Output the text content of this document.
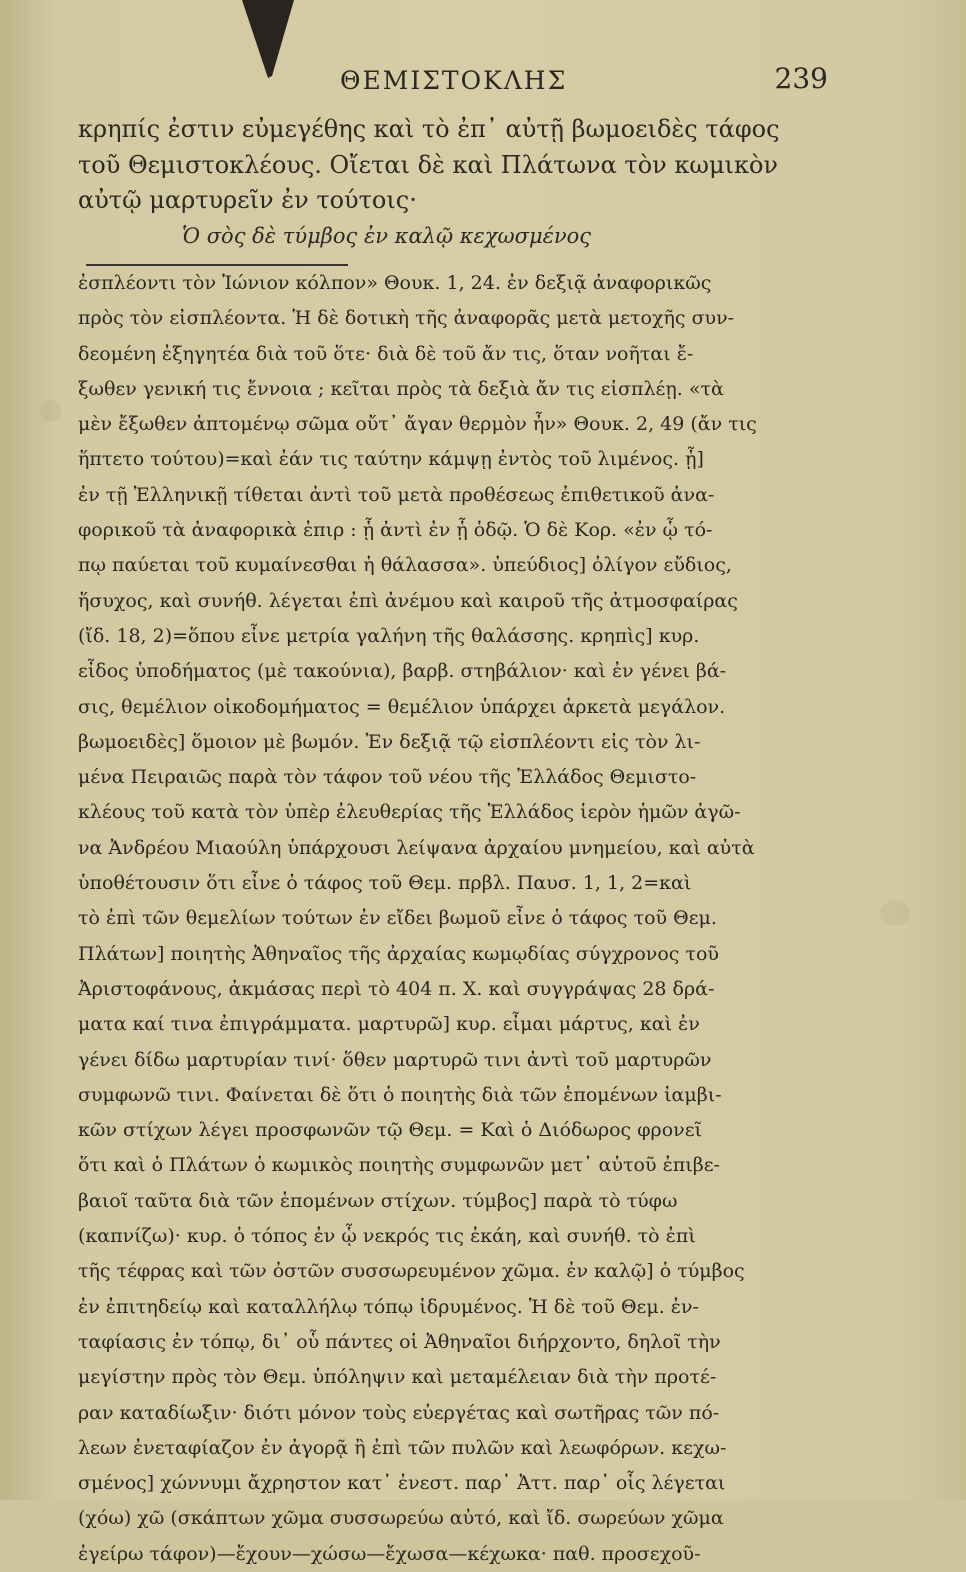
ΘΕΜΙΣΤΟΚΛΗΣ	239
κρηπίς ἐστιν εὐμεγέθης καὶ τὸ ἐπ᾽ αὐτῇ βωμοειδὲς τάφος
τοῦ Θεμιστοκλέους. Οἴεται δὲ καὶ Πλάτωνα τὸν κωμικὸν
αὐτῷ μαρτυρεῖν ἐν τούτοις·
Ὁ σὸς δὲ τύμβος ἐν καλῷ κεχωσμένος
ἐσπλέοντι τὸν Ἰώνιον κόλπον» Θουκ. 1, 24. ἐν δεξιᾷ ἀναφορικῶς
πρὸς τὸν εἰσπλέοντα. Ἡ δὲ δοτικὴ τῆς ἀναφορᾶς μετὰ μετοχῆς συν-
δεομένη ἐξηγητέα διὰ τοῦ ὅτε· διὰ δὲ τοῦ ἄν τις, ὅταν νοῆται ἔ-
ξωθεν γενική τις ἔννοια ; κεῖται πρὸς τὰ δεξιὰ ἄν τις εἰσπλέῃ. «τὰ
μὲν ἔξωθεν ἀπτομένῳ σῶμα οὔτ᾽ ἄγαν θερμὸν ἦν» Θουκ. 2, 49 (ἄν τις
ἥπτετο τούτου)=καὶ ἐάν τις ταύτην κάμψῃ ἐντὸς τοῦ λιμένος. ᾗ]
ἐν τῇ Ἑλληνικῇ τίθεται ἀντὶ τοῦ μετὰ προθέσεως ἐπιθετικοῦ ἀνα-
φορικοῦ τὰ ἀναφορικὰ ἐπιρ : ᾗ ἀντὶ ἐν ᾗ ὁδῷ. Ὁ δὲ Κορ. «ἐν ᾧ τό-
πῳ παύεται τοῦ κυμαίνεσθαι ἡ θάλασσα». ὑπεύδιος] ὀλίγον εὔδιος,
ἥσυχος, καὶ συνήθ. λέγεται ἐπὶ ἀνέμου καὶ καιροῦ τῆς ἀτμοσφαίρας
(ἴδ. 18, 2)=ὅπου εἶνε μετρία γαλήνη τῆς θαλάσσης. κρηπὶς] κυρ.
εἶδος ὑποδήματος (μὲ τακούνια), βαρβ. στηβάλιον· καὶ ἐν γένει βά-
σις, θεμέλιον οἰκοδομήματος = θεμέλιον ὑπάρχει ἀρκετὰ μεγάλον.
βωμοειδὲς] ὅμοιον μὲ βωμόν. Ἐν δεξιᾷ τῷ εἰσπλέοντι εἰς τὸν λι-
μένα Πειραιῶς παρὰ τὸν τάφον τοῦ νέου τῆς Ἑλλάδος Θεμιστο-
κλέους τοῦ κατὰ τὸν ὑπὲρ ἐλευθερίας τῆς Ἑλλάδος ἱερὸν ἡμῶν ἀγῶ-
να Ἀνδρέου Μιαούλη ὑπάρχουσι λείψανα ἀρχαίου μνημείου, καὶ αὐτὰ
ὑποθέτουσιν ὅτι εἶνε ὁ τάφος τοῦ Θεμ. πρβλ. Παυσ. 1, 1, 2=καὶ
τὸ ἐπὶ τῶν θεμελίων τούτων ἐν εἴδει βωμοῦ εἶνε ὁ τάφος τοῦ Θεμ.
Πλάτων] ποιητὴς Ἀθηναῖος τῆς ἀρχαίας κωμῳδίας σύγχρονος τοῦ
Ἀριστοφάνους, ἀκμάσας περὶ τὸ 404 π. Χ. καὶ συγγράψας 28 δρά-
ματα καί τινα ἐπιγράμματα. μαρτυρῶ] κυρ. εἶμαι μάρτυς, καὶ ἐν
γένει δίδω μαρτυρίαν τινί· ὅθεν μαρτυρῶ τινι ἀντὶ τοῦ μαρτυρῶν
συμφωνῶ τινι. Φαίνεται δὲ ὅτι ὁ ποιητὴς διὰ τῶν ἑπομένων ἰαμβι-
κῶν στίχων λέγει προσφωνῶν τῷ Θεμ. = Καὶ ὁ Διόδωρος φρονεῖ
ὅτι καὶ ὁ Πλάτων ὁ κωμικὸς ποιητὴς συμφωνῶν μετ᾽ αὐτοῦ ἐπιβε-
βαιοῖ ταῦτα διὰ τῶν ἑπομένων στίχων. τύμβος] παρὰ τὸ τύφω
(καπνίζω)· κυρ. ὁ τόπος ἐν ᾧ νεκρός τις ἐκάη, καὶ συνήθ. τὸ ἐπὶ
τῆς τέφρας καὶ τῶν ὀστῶν συσσωρευμένον χῶμα. ἐν καλῷ] ὁ τύμβος
ἐν ἐπιτηδείῳ καὶ καταλλήλῳ τόπῳ ἱδρυμένος. Ἡ δὲ τοῦ Θεμ. ἐν-
ταφίασις ἐν τόπῳ, δι᾽ οὗ πάντες οἱ Ἀθηναῖοι διήρχοντο, δηλοῖ τὴν
μεγίστην πρὸς τὸν Θεμ. ὑπόληψιν καὶ μεταμέλειαν διὰ τὴν προτέ-
ραν καταδίωξιν· διότι μόνον τοὺς εὐεργέτας καὶ σωτῆρας τῶν πό-
λεων ἐνεταφίαζον ἐν ἀγορᾷ ἢ ἐπὶ τῶν πυλῶν καὶ λεωφόρων. κεχω-
σμένος] χώννυμι ἄχρηστον κατ᾽ ἐνεστ. παρ᾽ Ἀττ. παρ᾽ οἷς λέγεται
(χόω) χῶ (σκάπτων χῶμα συσσωρεύω αὐτό, καὶ ἴδ. σωρεύων χῶμα
ἐγείρω τάφον)—ἔχουν—χώσω—ἔχωσα—κέχωκα· παθ. προσεχοῦ-
